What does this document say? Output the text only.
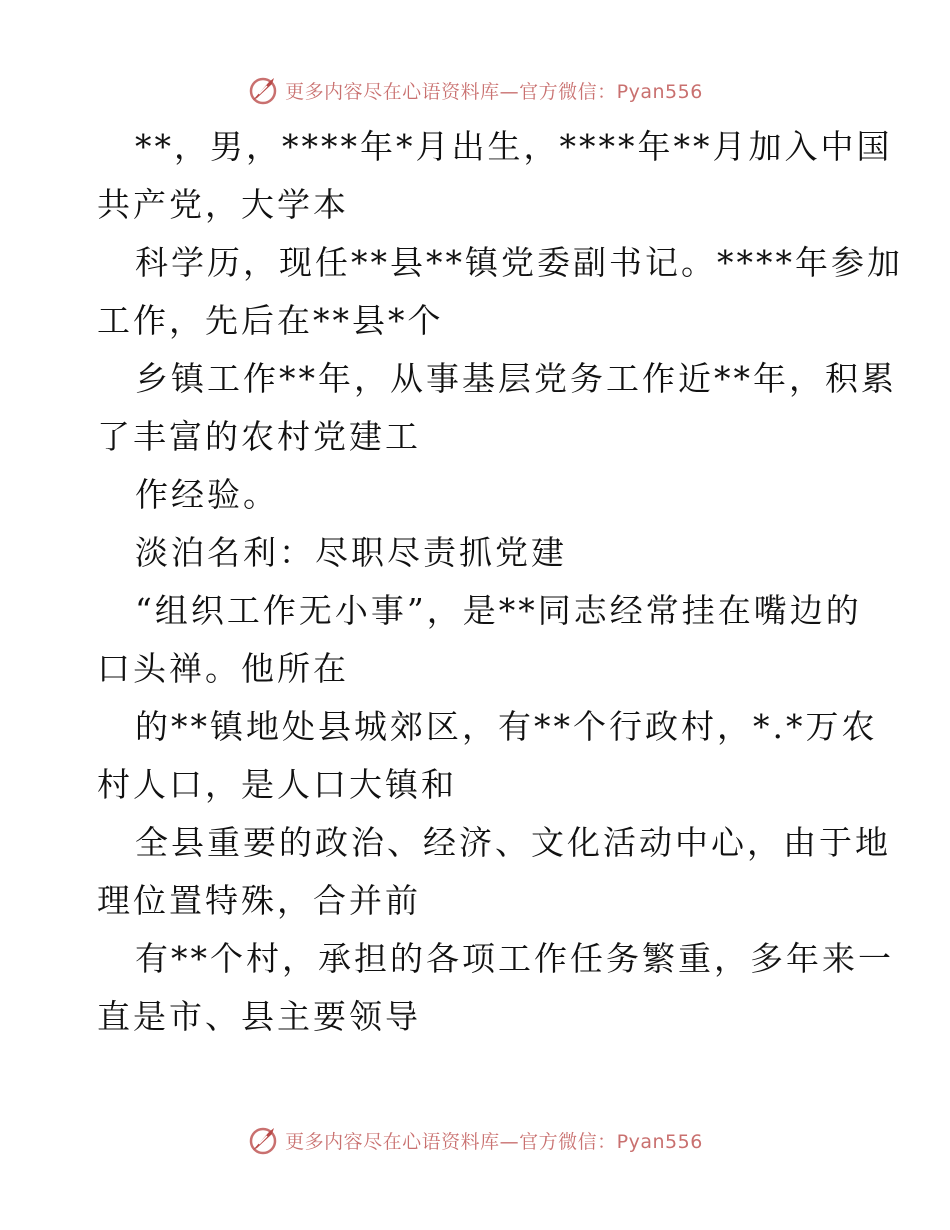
更多内容尽在心语资料库—官方微信：Pyan556
**，男，****年*月出生，****年**月加入中国
共产党，大学本
科学历，现任**县**镇党委副书记。****年参加
工作，先后在**县*个
乡镇工作**年，从事基层党务工作近**年，积累
了丰富的农村党建工
作经验。
淡泊名利：尽职尽责抓党建
“组织工作无小事”，是**同志经常挂在嘴边的
口头禅。他所在
的**镇地处县城郊区，有**个行政村，*.*万农
村人口，是人口大镇和
全县重要的政治、经济、文化活动中心，由于地
理位置特殊，合并前
有**个村，承担的各项工作任务繁重，多年来一
直是市、县主要领导
更多内容尽在心语资料库—官方微信：Pyan556
